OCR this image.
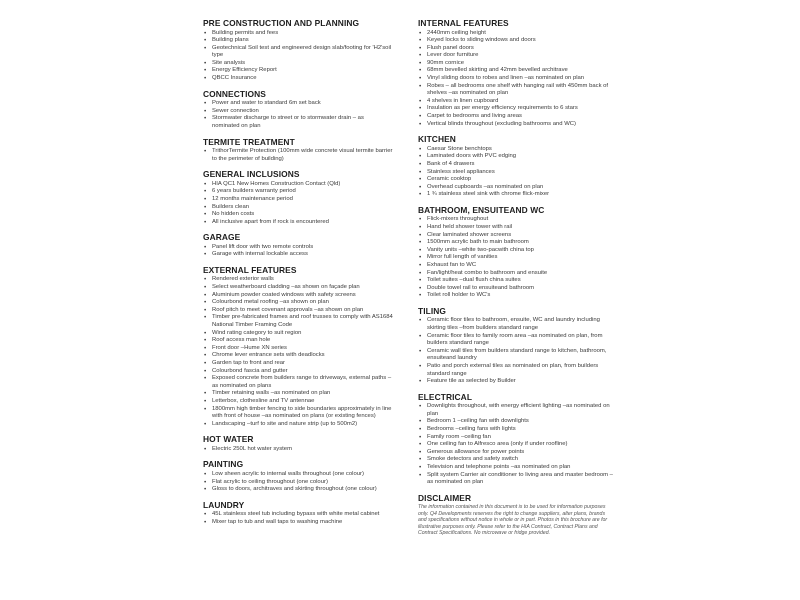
PRE CONSTRUCTION AND PLANNING
• Building permits and fees
• Building plans
• Geotechnical Soil test and engineered design slab/footing for 'H2'soil type
• Site analysis
• Energy Efficiency Report
• QBCC Insurance
CONNECTIONS
• Power and water to standard 6m set back
• Sewer connection
• Stormwater discharge to street or to stormwater drain – as nominated on plan
TERMITE TREATMENT
• TrithorTermite Protection (100mm wide concrete visual termite barrier to the perimeter of building)
GENERAL INCLUSIONS
• HIA QC1 New Homes Construction Contact (Qld)
• 6 years builders warranty period
• 12 months maintenance period
• Builders clean
• No hidden costs
• All inclusive apart from if rock is encountered
GARAGE
• Panel lift door with two remote controls
• Garage with internal lockable access
EXTERNAL FEATURES
• Rendered exterior walls
• Select weatherboard cladding –as shown on façade plan
• Aluminium powder coated windows with safety screens
• Colourbond metal roofing –as shown on plan
• Roof pitch to meet covenant approvals –as shown on plan
• Timber pre-fabricated frames and roof trusses to comply with AS1684 National Timber Framing Code
• Wind rating category to suit region
• Roof access man hole
• Front door –Hume XN series
• Chrome lever entrance sets with deadlocks
• Garden tap to front and rear
• Colourbond fascia and gutter
• Exposed concrete from builders range to driveways, external paths – as nominated on plans
• Timber retaining walls –as nominated on plan
• Letterbox, clothesline and TV antennae
• 1800mm high timber fencing to side boundaries approximately in line with front of house –as nominated on plans (or existing fences)
• Landscaping –turf to site and nature strip (up to 500m2)
HOT WATER
• Electric 250L hot water system
PAINTING
• Low sheen acrylic to internal walls throughout (one colour)
• Flat acrylic to ceiling throughout (one colour)
• Gloss to doors, architraves and skirting throughout (one colour)
LAUNDRY
• 45L stainless steel tub including bypass with white metal cabinet
• Mixer tap to tub and wall taps to washing machine
INTERNAL FEATURES
• 2440mm ceiling height
• Keyed locks to sliding windows and doors
• Flush panel doors
• Lever door furniture
• 90mm cornice
• 68mm bevelled skirting and 42mm bevelled architrave
• Vinyl sliding doors to robes and linen –as nominated on plan
• Robes – all bedrooms one shelf with hanging rail with 450mm back of shelves –as nominated on plan
• 4 shelves in linen cupboard
• Insulation as per energy efficiency requirements to 6 stars
• Carpet to bedrooms and living areas
• Vertical blinds throughout (excluding bathrooms and WC)
KITCHEN
• Caesar Stone benchtops
• Laminated doors with PVC edging
• Bank of 4 drawers
• Stainless steel appliances
• Ceramic cooktop
• Overhead cupboards –as nominated on plan
• 1 ¾ stainless steel sink with chrome flick-mixer
BATHROOM, ENSUITEAND WC
• Flick-mixers throughout
• Hand held shower tower with rail
• Clear laminated shower screens
• 1500mm acrylic bath to main bathroom
• Vanity units –white two-pacwith china top
• Mirror full length of vanities
• Exhaust fan to WC
• Fan/light/heat combo to bathroom and ensuite
• Toilet suites –dual flush china suites
• Double towel rail to ensuiteand bathroom
• Toilet roll holder to WC's
TILING
• Ceramic floor tiles to bathroom, ensuite, WC and laundry including skirting tiles –from builders standard range
• Ceramic floor tiles to family room area –as nominated on plan, from builders standard range
• Ceramic wall tiles from builders standard range to kitchen, bathroom, ensuiteand laundry
• Patio and porch external tiles as nominated on plan, from builders standard range
• Feature tile as selected by Builder
ELECTRICAL
• Downlights throughout, with energy efficient lighting –as nominated on plan
• Bedroom 1 –ceiling fan with downlights
• Bedrooms –ceiling fans with lights
• Family room –ceiling fan
• One ceiling fan to Alfresco area (only if under roofline)
• Generous allowance for power points
• Smoke detectors and safety switch
• Television and telephone points –as nominated on plan
• Split system Carrier air conditioner to living area and master bedroom –as nominated on plan
DISCLAIMER
The information contained in this document is to be used for information purposes only. Q4 Developments reserves the right to change suppliers, alter plans, brands and specifications without notice in whole or in part. Photos in this brochure are for illustrative purposes only. Please refer to the HIA Contract, Contract Plans and Contract Specifications. No microwave or fridge provided.
